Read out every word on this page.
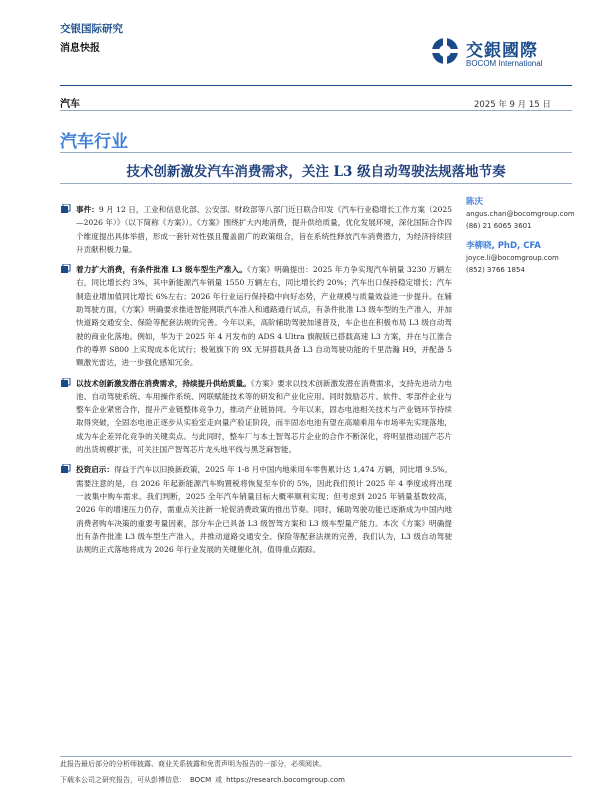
交银国际研究
消息快报	交銀國際
BOCOM International
汽车	2025 年 9 月 15 日
汽车行业
技术创新激发汽车消费需求，关注 L3 级自动驾驶法规落地节奏
事件：9 月 12 日，工业和信息化部、公安部、财政部等八部门近日联合印发《汽车行业稳增长工作方案（2025—2026 年）》（以下简称《方案》）。《方案》围绕扩大内地消费，提升供给质量，优化发展环境，深化国际合作四个维度提出具体举措，形成一套针对性强且覆盖面广的政策组合，旨在系统性释放汽车消费潜力，为经济持续回升贡献积极力量。
着力扩大消费，有条件批准 L3 级车型生产准入。《方案》明确提出：2025 年力争实现汽车销量 3230 万辆左右，同比增长约 3%，其中新能源汽车销量 1550 万辆左右，同比增长约 20%；汽车出口保持稳定增长；汽车制造业增加值同比增长 6%左右；2026 年行业运行保持稳中向好态势，产业规模与质量效益进一步提升。在辅助驾驶方面，《方案》明确要求推进智能网联汽车准入和通路通行试点，有条件批准 L3 级车型的生产准入，并加快道路交通安全、保险等配套法规的完善。今年以来，高阶辅助驾驶加速普及，车企也在积极布局 L3 级自动驾驶的商业化落地。例如，华为于 2025 年 4 月发布的 ADS 4 Ultra 旗舰版已搭载高速 L3 方案，并在与江淮合作的尊界 S800 上实现成本化试行；极氪旗下的 9X 无屏搭载具备 L3 自动驾驶功能的千里浩瀚 H9，并配备 5 颗激光雷达，进一步强化感知冗余。
以技术创新激发潜在消费需求，持续提升供给质量。《方案》要求以技术创新激发潜在消费需求，支持先进动力电池、自动驾驶系统、车用操作系统、网联赋能技术等的研发和产业化应用。同时鼓励芯片、软件、零部件企业与整车企业紧密合作，提升产业链整体竞争力，推动产业链协同。今年以来，固态电池相关技术与产业链环节持续取得突破，全固态电池正逐步从实验室走向量产验证阶段，而半固态电池有望在高端乘用车市场率先实现落地，成为车企差异化竞争的关键卖点。与此同时，整车厂与本土智驾芯片企业的合作不断深化，将明显推动国产芯片的出货规模扩张，可关注国产智驾芯片龙头地平线与黑芝麻智能。
投资启示：得益于汽车以旧换新政策，2025 年 1-8 月中国内地乘用车零售累计达 1,474 万辆，同比增 9.5%。需要注意的是，自 2026 年起新能源汽车购置税将恢复至车价的 5%，因此我们预计 2025 年 4 季度或将出现一波集中购车需求。我们判断，2025 全年汽车销量目标大概率顺利实现；但考虑到 2025 年销量基数较高，2026 年的增速压力仍存，需重点关注新一轮促消费政策的推出节奏。同时，辅助驾驶功能已逐渐成为中国内地消费者购车决策的重要考量因素，部分车企已具备 L3 级智驾方案和 L3 级车型量产能力。本次《方案》明确提出有条件批准 L3 级车型生产准入，并推动道路交通安全、保险等配套法规的完善，我们认为，L3 级自动驾驶法规的正式落地将成为 2026 年行业发展的关键催化剂，值得重点跟踪。
陈庆
angus.chan@bocomgroup.com
(86) 21 6065 3601
李柳晓, PhD, CFA
joyce.li@bocomgroup.com
(852) 3766 1854
此报告最后部分的分析师披露、商业关系披露和免责声明为报告的一部分，必须阅读。
下载本公司之研究报告，可从彭博信息： BOCM 或 https://research.bocomgroup.com
